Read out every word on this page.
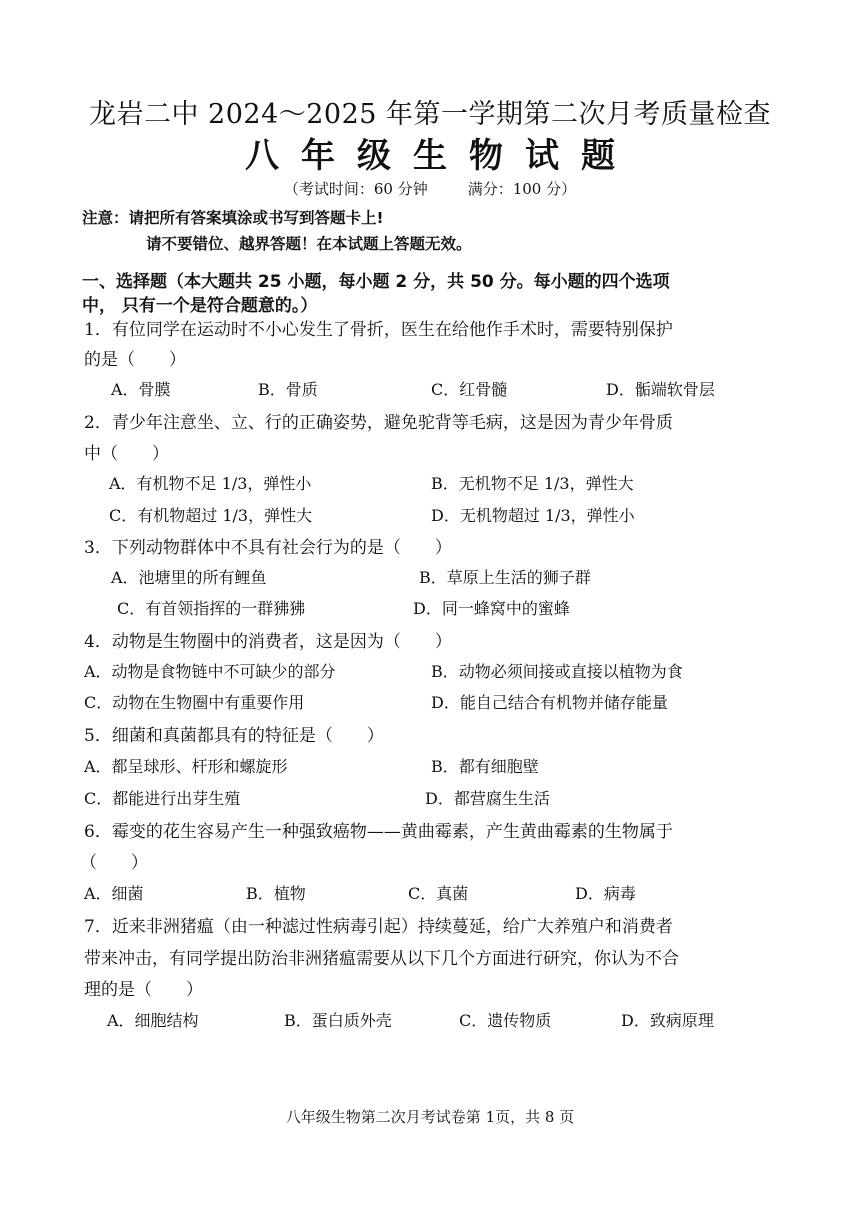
龙岩二中 2024～2025 年第一学期第二次月考质量检查
八年级生物试题
（考试时间：60 分钟	满分：100 分）
注意：请把所有答案填涂或书写到答题卡上!
请不要错位、越界答题！在本试题上答题无效。
一、选择题（本大题共 25 小题，每小题 2 分，共 50 分。每小题的四个选项
中， 只有一个是符合题意的。）
1．有位同学在运动时不小心发生了骨折，医生在给他作手术时，需要特别保护
的是（　　）
A．骨膜	B．骨质	C．红骨髓	D．骺端软骨层
2．青少年注意坐、立、行的正确姿势，避免驼背等毛病，这是因为青少年骨质
中（　　）
A．有机物不足 1/3，弹性小	B．无机物不足 1/3，弹性大
C．有机物超过 1/3，弹性大	D．无机物超过 1/3，弹性小
3．下列动物群体中不具有社会行为的是（　　）
A．池塘里的所有鲤鱼	B．草原上生活的狮子群
C．有首领指挥的一群狒狒	D．同一蜂窝中的蜜蜂
4．动物是生物圈中的消费者，这是因为（　　）
A．动物是食物链中不可缺少的部分	B．动物必须间接或直接以植物为食
C．动物在生物圈中有重要作用	D．能自己结合有机物并储存能量
5．细菌和真菌都具有的特征是（　　）
A．都呈球形、杆形和螺旋形	B．都有细胞壁
C．都能进行出芽生殖	D．都营腐生生活
6．霉变的花生容易产生一种强致癌物——黄曲霉素，产生黄曲霉素的生物属于
（　　）
A．细菌	B．植物	C．真菌	D．病毒
7．近来非洲猪瘟（由一种滤过性病毒引起）持续蔓延，给广大养殖户和消费者
带来冲击，有同学提出防治非洲猪瘟需要从以下几个方面进行研究，你认为不合
理的是（　　）
A．细胞结构	B．蛋白质外壳	C．遗传物质	D．致病原理
八年级生物第二次月考试卷第 1页，共 8 页
